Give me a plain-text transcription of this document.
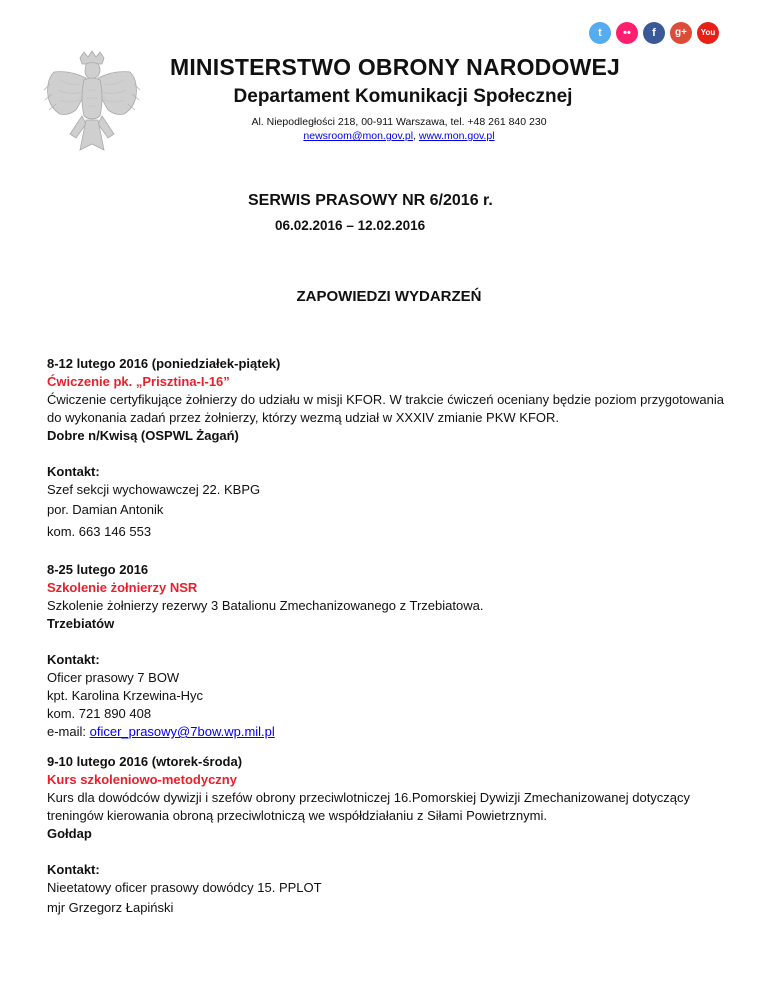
t	••	f	g+	You
MINISTERSTWO OBRONY NARODOWEJ
Departament Komunikacji Społecznej
Al. Niepodległości 218, 00-911 Warszawa, tel. +48 261 840 230
newsroom@mon.gov.pl, www.mon.gov.pl
SERWIS PRASOWY NR 6/2016 r.
06.02.2016 – 12.02.2016
ZAPOWIEDZI WYDARZEŃ

8-12 lutego 2016 (poniedziałek-piątek)

Ćwiczenie pk. „Prisztina-I-16”

Ćwiczenie certyfikujące żołnierzy do udziału w misji KFOR. W trakcie ćwiczeń oceniany będzie poziom przygotowania do wykonania zadań przez żołnierzy, którzy wezmą udział w XXXIV zmianie PKW KFOR.

Dobre n/Kwisą (OSPWL Żagań)

Kontakt:

Szef sekcji wychowawczej 22. KBPG

por. Damian Antonik

kom. 663 146 553

8-25 lutego 2016

Szkolenie żołnierzy NSR

Szkolenie żołnierzy rezerwy 3 Batalionu Zmechanizowanego z Trzebiatowa.

Trzebiatów

Kontakt:

Oficer prasowy 7 BOW

kpt. Karolina Krzewina-Hyc

kom. 721 890 408

e-mail: oficer_prasowy@7bow.wp.mil.pl

9-10 lutego 2016 (wtorek-środa)

Kurs szkoleniowo-metodyczny

Kurs dla dowódców dywizji i szefów obrony przeciwlotniczej 16.Pomorskiej Dywizji Zmechanizowanej dotyczący treningów kierowania obroną przeciwlotniczą we współdziałaniu z Siłami Powietrznymi.

Gołdap

Kontakt:

Nieetatowy oficer prasowy dowódcy 15. PPLOT

mjr Grzegorz Łapiński
